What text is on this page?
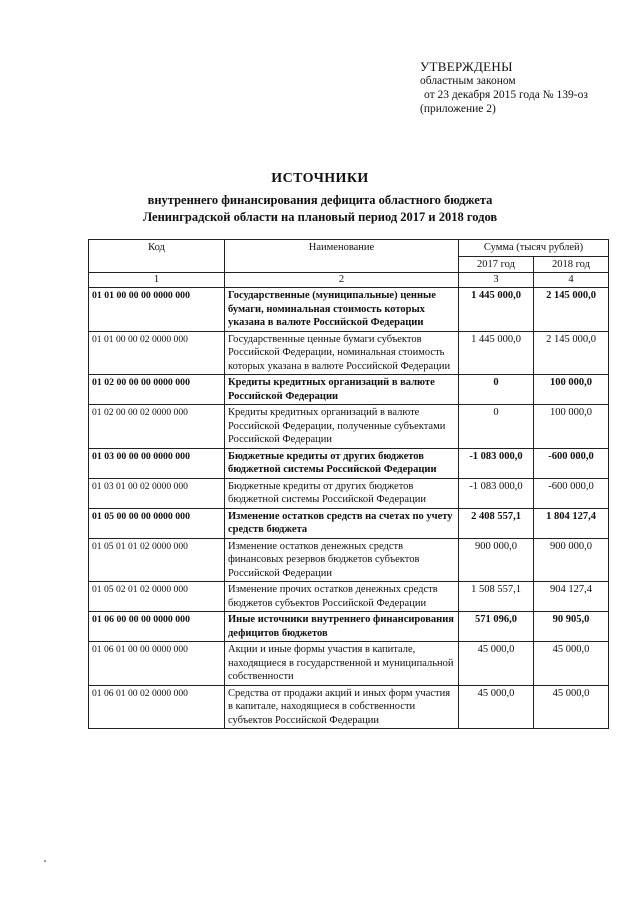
УТВЕРЖДЕНЫ
областным законом
от 23 декабря 2015 года № 139-оз
(приложение 2)
ИСТОЧНИКИ
внутреннего финансирования дефицита областного бюджета
Ленинградской области на плановый период 2017 и 2018 годов
Код	Наименование	Сумма (тысяч рублей)	
		2017 год	2018 год
1	2	3	4
01 01 00 00 00 0000 000	Государственные (муниципальные) ценные бумаги, номинальная стоимость которых указана в валюте Российской Федерации	1 445 000,0	2 145 000,0
01 01 00 00 02 0000 000	Государственные ценные бумаги субъектов Российской Федерации, номинальная стоимость которых указана в валюте Российской Федерации	1 445 000,0	2 145 000,0
01 02 00 00 00 0000 000	Кредиты кредитных организаций в валюте Российской Федерации	0	100 000,0
01 02 00 00 02 0000 000	Кредиты кредитных организаций в валюте Российской Федерации, полученные субъектами Российской Федерации	0	100 000,0
01 03 00 00 00 0000 000	Бюджетные кредиты от других бюджетов бюджетной системы Российской Федерации	-1 083 000,0	-600 000,0
01 03 01 00 02 0000 000	Бюджетные кредиты от других бюджетов бюджетной системы Российской Федерации	-1 083 000,0	-600 000,0
01 05 00 00 00 0000 000	Изменение остатков средств на счетах по учету средств бюджета	2 408 557,1	1 804 127,4
01 05 01 01 02 0000 000	Изменение остатков денежных средств финансовых резервов бюджетов субъектов Российской Федерации	900 000,0	900 000,0
01 05 02 01 02 0000 000	Изменение прочих остатков денежных средств бюджетов субъектов Российской Федерации	1 508 557,1	904 127,4
01 06 00 00 00 0000 000	Иные источники внутреннего финансирования дефицитов бюджетов	571 096,0	90 905,0
01 06 01 00 00 0000 000	Акции и иные формы участия в капитале, находящиеся в государственной и муниципальной собственности	45 000,0	45 000,0
01 06 01 00 02 0000 000	Средства от продажи акций и иных форм участия в капитале, находящиеся в собственности субъектов Российской Федерации	45 000,0	45 000,0
